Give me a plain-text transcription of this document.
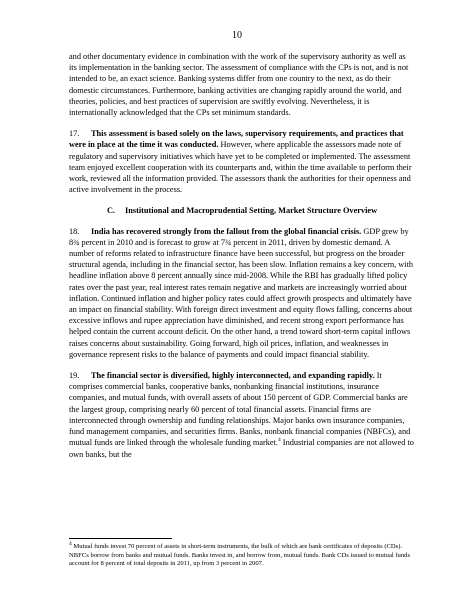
10

and other documentary evidence in combination with the work of the supervisory authority as well as its implementation in the banking sector. The assessment of compliance with the CPs is not, and is not intended to be, an exact science. Banking systems differ from one country to the next, as do their domestic circumstances. Furthermore, banking activities are changing rapidly around the world, and theories, policies, and best practices of supervision are swiftly evolving. Nevertheless, it is internationally acknowledged that the CPs set minimum standards.

17. This assessment is based solely on the laws, supervisory requirements, and practices that were in place at the time it was conducted. However, where applicable the assessors made note of regulatory and supervisory initiatives which have yet to be completed or implemented. The assessment team enjoyed excellent cooperation with its counterparts and, within the time available to perform their work, reviewed all the information provided. The assessors thank the authorities for their openness and active involvement in the process.

C. Institutional and Macroprudential Setting, Market Structure Overview

18. India has recovered strongly from the fallout from the global financial crisis. GDP grew by 8¾ percent in 2010 and is forecast to grow at 7¾ percent in 2011, driven by domestic demand. A number of reforms related to infrastructure finance have been successful, but progress on the broader structural agenda, including in the financial sector, has been slow. Inflation remains a key concern, with headline inflation above 8 percent annually since mid-2008. While the RBI has gradually lifted policy rates over the past year, real interest rates remain negative and markets are increasingly worried about inflation. Continued inflation and higher policy rates could affect growth prospects and ultimately have an impact on financial stability. With foreign direct investment and equity flows falling, concerns about excessive inflows and rupee appreciation have diminished, and recent strong export performance has helped contain the current account deficit. On the other hand, a trend toward short-term capital inflows raises concerns about sustainability. Going forward, high oil prices, inflation, and weaknesses in governance represent risks to the balance of payments and could impact financial stability.

19. The financial sector is diversified, highly interconnected, and expanding rapidly. It comprises commercial banks, cooperative banks, nonbanking financial institutions, insurance companies, and mutual funds, with overall assets of about 150 percent of GDP. Commercial banks are the largest group, comprising nearly 60 percent of total financial assets. Financial firms are interconnected through ownership and funding relationships. Major banks own insurance companies, fund management companies, and securities firms. Banks, nonbank financial companies (NBFCs), and mutual funds are linked through the wholesale funding market.$^4$ Industrial companies are not allowed to own banks, but the

$^4$ Mutual funds invest 70 percent of assets in short-term instruments, the bulk of which are bank certificates of deposits (CDs). NBFCs borrow from banks and mutual funds. Banks invest in, and borrow from, mutual funds. Bank CDs issued to mutual funds account for 8 percent of total deposits in 2011, up from 3 percent in 2007.
